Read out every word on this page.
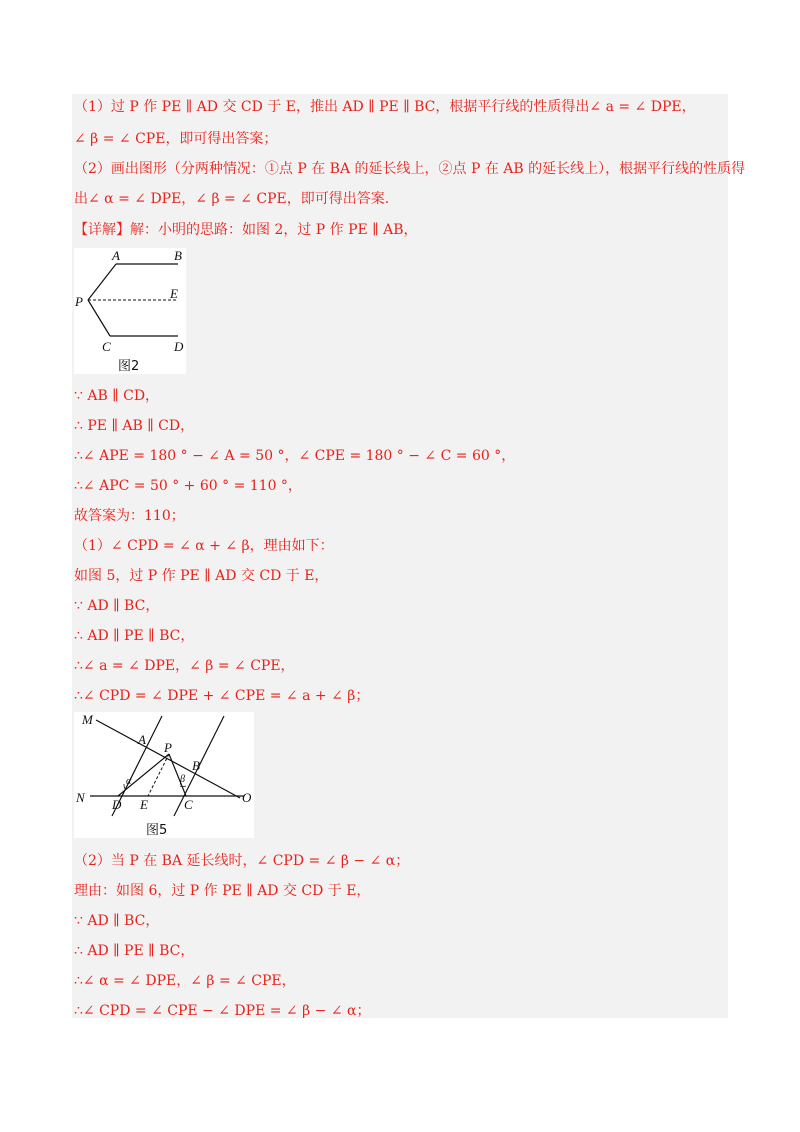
（1）过 P 作 PE ∥ AD 交 CD 于 E，推出 AD ∥ PE ∥ BC，根据平行线的性质得出∠ a = ∠ DPE，
∠ β = ∠ CPE，即可得出答案；
（2）画出图形（分两种情况：①点 P 在 BA 的延长线上，②点 P 在 AB 的延长线上），根据平行线的性质得
出∠ α = ∠ DPE，∠ β = ∠ CPE，即可得出答案.
【详解】解：小明的思路：如图 2，过 P 作 PE ∥ AB，
A	B
P
E
C	D
图2
∵ AB ∥ CD，
∴ PE ∥ AB ∥ CD，
∴∠ APE = 180 ° − ∠ A = 50 °，∠ CPE = 180 ° − ∠ C = 60 °，
∴∠ APC = 50 ° + 60 ° = 110 °，
故答案为：110；
（1）∠ CPD = ∠ α + ∠ β，理由如下：
如图 5，过 P 作 PE ∥ AD 交 CD 于 E，
∵ AD ∥ BC，
∴ AD ∥ PE ∥ BC，
∴∠ a = ∠ DPE，∠ β = ∠ CPE，
∴∠ CPD = ∠ DPE + ∠ CPE = ∠ a + ∠ β；
M
A
P
B
N D E	C	O
α	β
图5
（2）当 P 在 BA 延长线时，∠ CPD = ∠ β − ∠ α；
理由：如图 6，过 P 作 PE ∥ AD 交 CD 于 E，
∵ AD ∥ BC，
∴ AD ∥ PE ∥ BC，
∴∠ α = ∠ DPE，∠ β = ∠ CPE，
∴∠ CPD = ∠ CPE − ∠ DPE = ∠ β − ∠ α；
